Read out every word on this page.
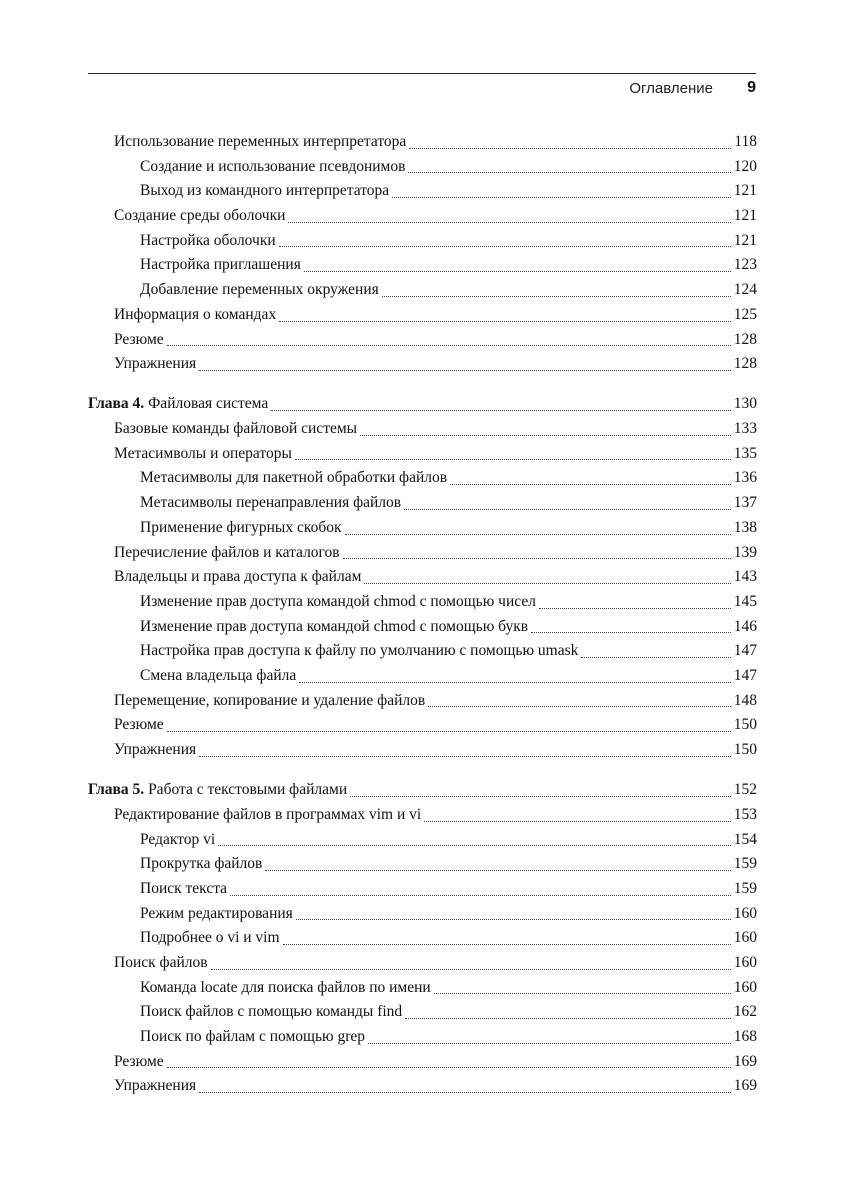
Оглавление 9
Использование переменных интерпретатора	118
Создание и использование псевдонимов	120
Выход из командного интерпретатора	121
Создание среды оболочки	121
Настройка оболочки	121
Настройка приглашения	123
Добавление переменных окружения	124
Информация о командах	125
Резюме	128
Упражнения	128
Глава 4. Файловая система	130
Базовые команды файловой системы	133
Метасимволы и операторы	135
Метасимволы для пакетной обработки файлов	136
Метасимволы перенаправления файлов	137
Применение фигурных скобок	138
Перечисление файлов и каталогов	139
Владельцы и права доступа к файлам	143
Изменение прав доступа командой chmod с помощью чисел	145
Изменение прав доступа командой chmod с помощью букв	146
Настройка прав доступа к файлу по умолчанию с помощью umask	147
Смена владельца файла	147
Перемещение, копирование и удаление файлов	148
Резюме	150
Упражнения	150
Глава 5. Работа с текстовыми файлами	152
Редактирование файлов в программах vim и vi	153
Редактор vi	154
Прокрутка файлов	159
Поиск текста	159
Режим редактирования	160
Подробнее о vi и vim	160
Поиск файлов	160
Команда locate для поиска файлов по имени	160
Поиск файлов с помощью команды find	162
Поиск по файлам с помощью grep	168
Резюме	169
Упражнения	169
